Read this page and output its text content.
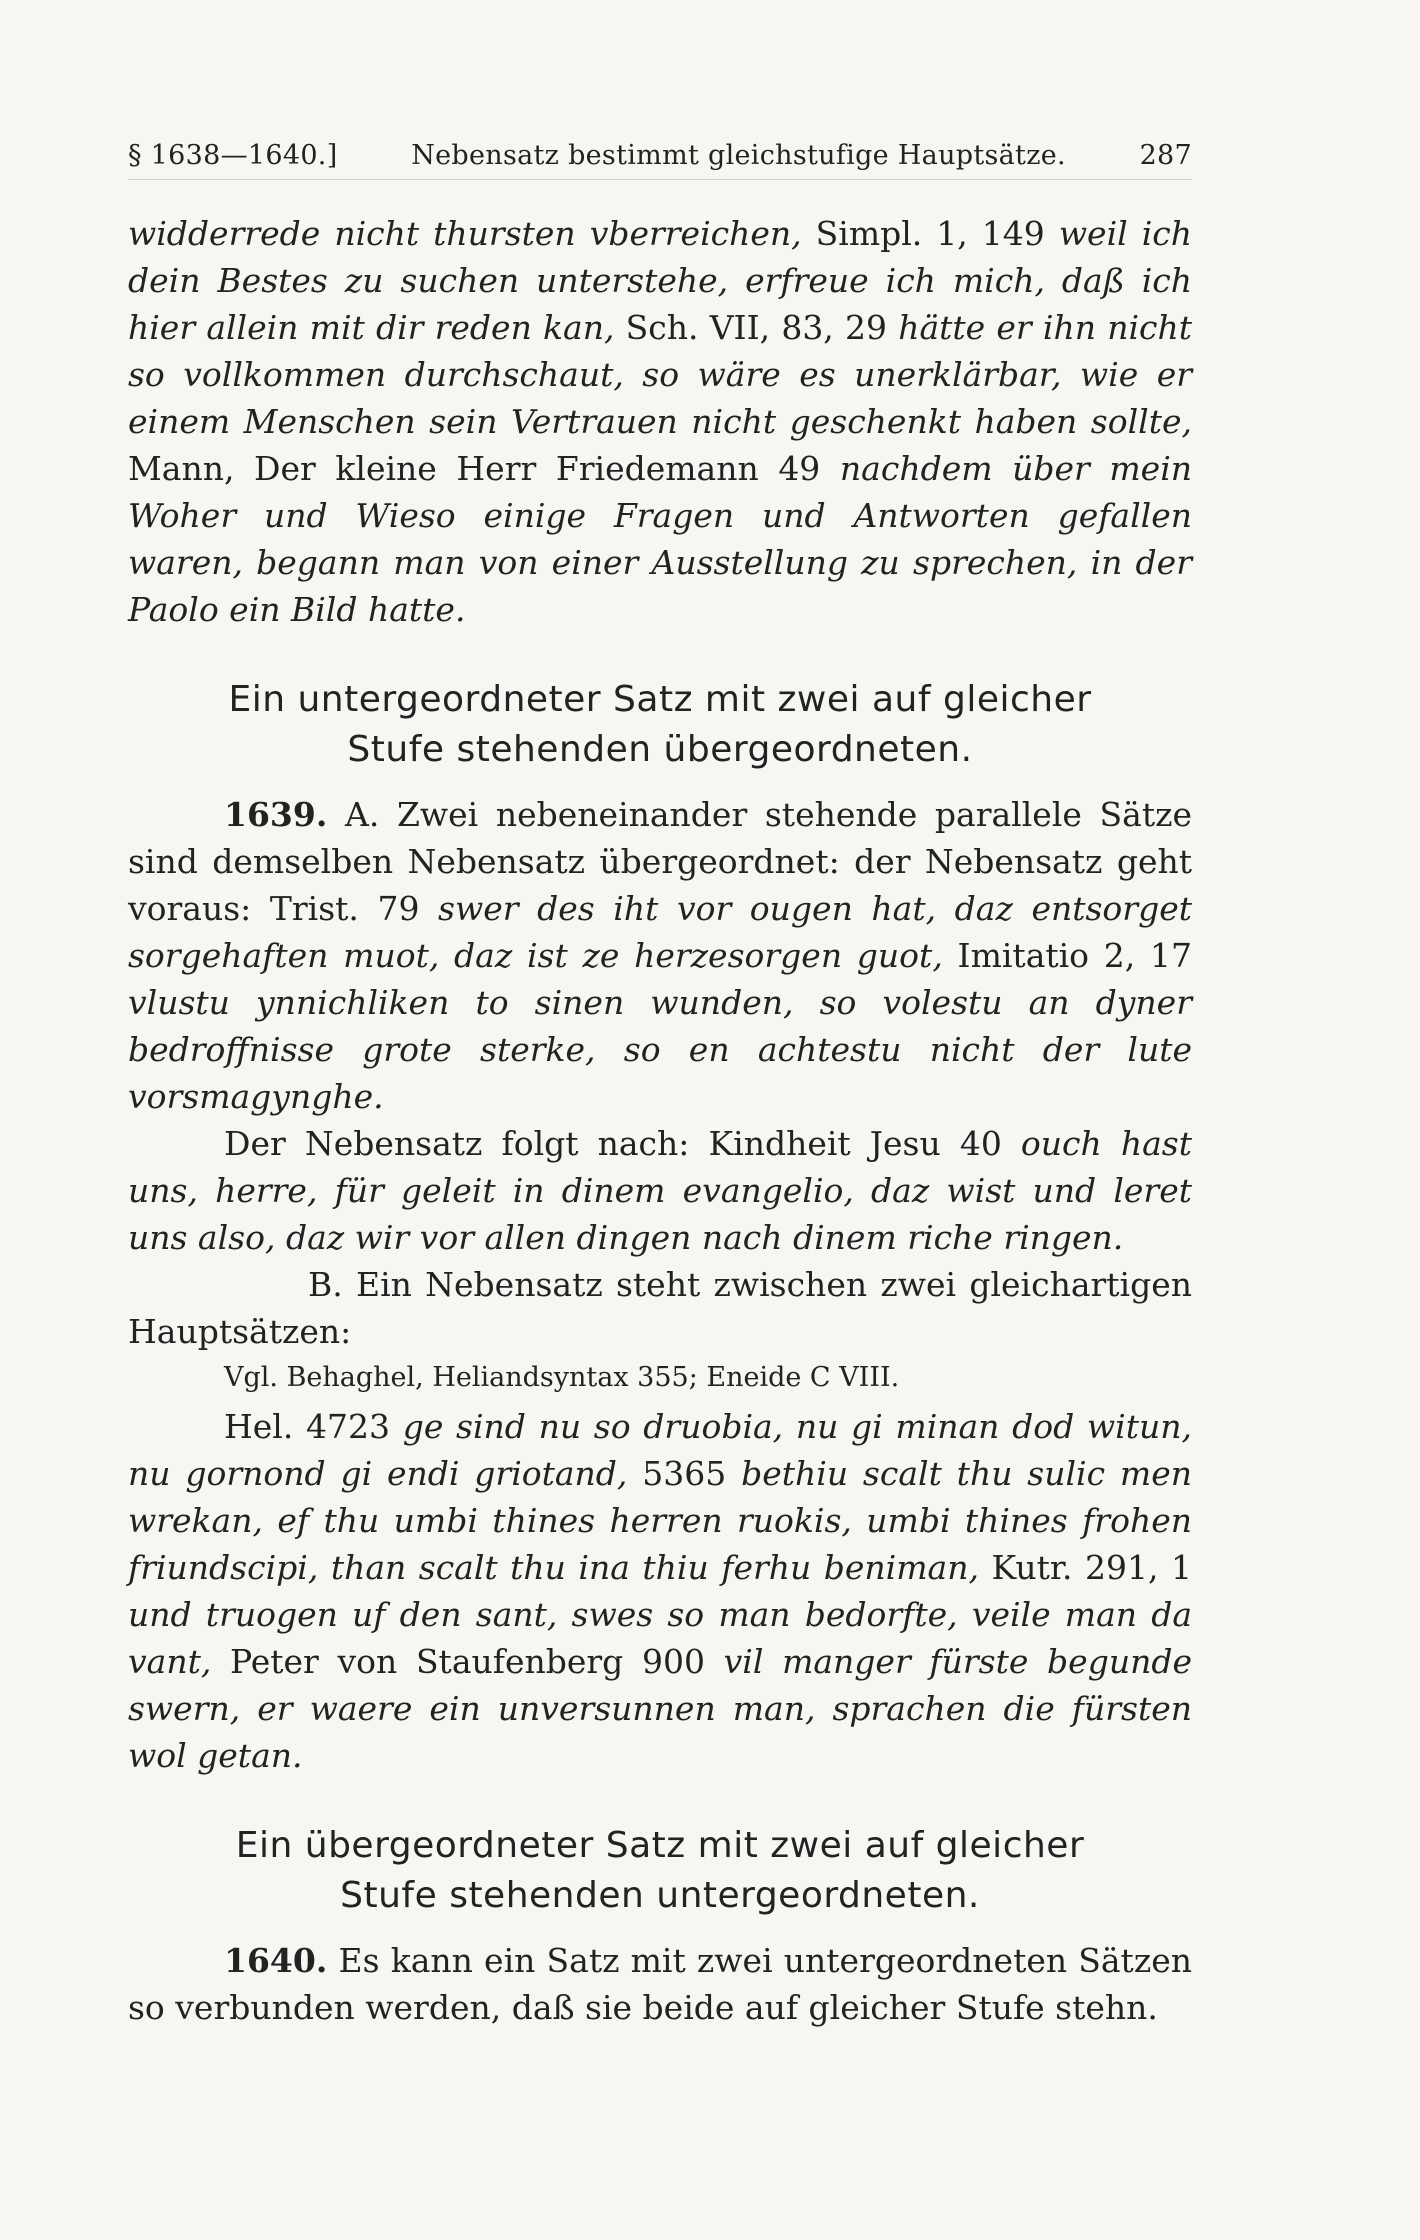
§ 1638—1640.]	Nebensatz bestimmt gleichstufige Hauptsätze.	287

widderrede nicht thursten vberreichen, Simpl. 1, 149 weil ich dein Bestes zu suchen unterstehe, erfreue ich mich, daß ich hier allein mit dir reden kan, Sch. VII, 83, 29 hätte er ihn nicht so vollkommen durchschaut, so wäre es unerklärbar, wie er einem Menschen sein Vertrauen nicht geschenkt haben sollte, Mann, Der kleine Herr Friedemann 49 nachdem über mein Woher und Wieso einige Fragen und Antworten gefallen waren, begann man von einer Ausstellung zu sprechen, in der Paolo ein Bild hatte.

Ein untergeordneter Satz mit zwei auf gleicher
Stufe stehenden übergeordneten.

1639. A. Zwei nebeneinander stehende parallele Sätze sind demselben Nebensatz übergeordnet: der Nebensatz geht voraus: Trist. 79 swer des iht vor ougen hat, daz entsorget sorgehaften muot, daz ist ze herzesorgen guot, Imitatio 2, 17 vlustu ynnichliken to sinen wunden, so volestu an dyner bedroffnisse grote sterke, so en achtestu nicht der lute vorsmagynghe.

Der Nebensatz folgt nach: Kindheit Jesu 40 ouch hast uns, herre, für geleit in dinem evangelio, daz wist und leret uns also, daz wir vor allen dingen nach dinem riche ringen.

B. Ein Nebensatz steht zwischen zwei gleichartigen Hauptsätzen:

Vgl. Behaghel, Heliandsyntax 355; Eneide C VIII.

Hel. 4723 ge sind nu so druobia, nu gi minan dod witun, nu gornond gi endi griotand, 5365 bethiu scalt thu sulic men wrekan, ef thu umbi thines herren ruokis, umbi thines frohen friundscipi, than scalt thu ina thiu ferhu beniman, Kutr. 291, 1 und truogen uf den sant, swes so man bedorfte, veile man da vant, Peter von Staufenberg 900 vil manger fürste begunde swern, er waere ein unversunnen man, sprachen die fürsten wol getan.

Ein übergeordneter Satz mit zwei auf gleicher
Stufe stehenden untergeordneten.

1640. Es kann ein Satz mit zwei untergeordneten Sätzen so verbunden werden, daß sie beide auf gleicher Stufe stehn.
